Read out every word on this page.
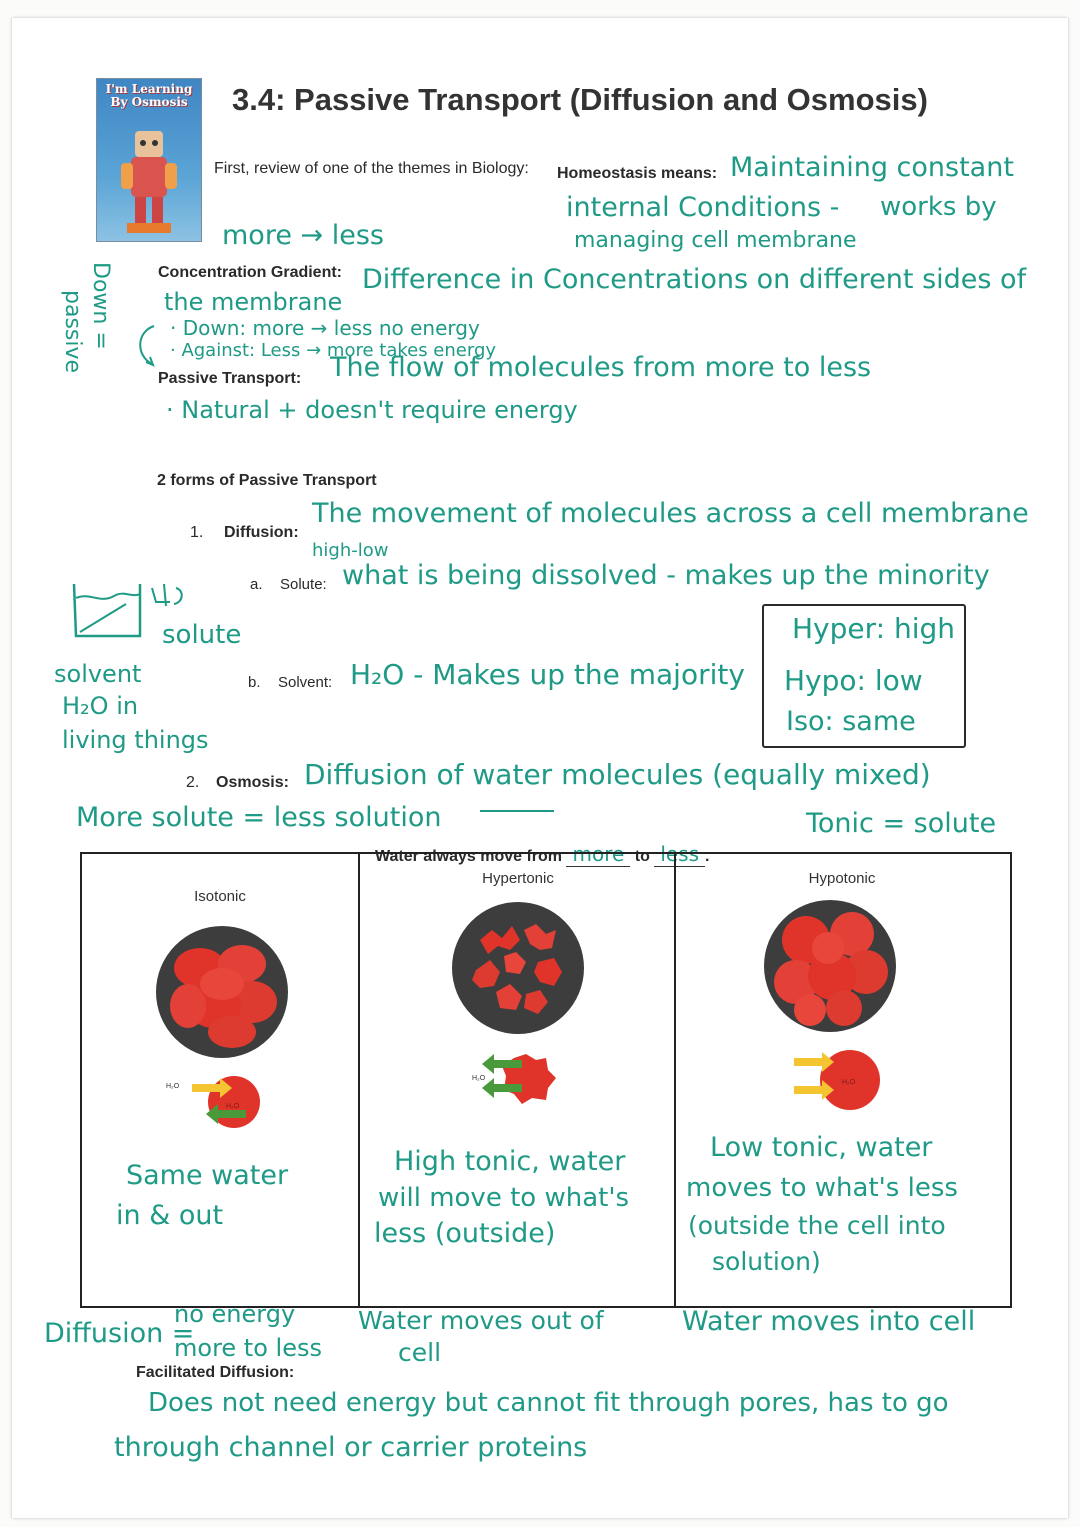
I'm Learning By Osmosis 3.4: Passive Transport (Diffusion and Osmosis)
First, review of one of the themes in Biology: Homeostasis means: Maintaining constant
internal Conditions - works by
managing cell membrane
more → less
Down =
passive
Concentration Gradient: Difference in Concentrations on different sides of
the membrane
· Down: more → less no energy
· Against: Less → more takes energy
Passive Transport: The flow of molecules from more to less
· Natural + doesn't require energy
2 forms of Passive Transport
1. Diffusion:
The movement of molecules across a cell membrane
high-low
a. Solute: what is being dissolved - makes up the minority
solute
solvent
H₂O in
living things
b. Solvent: H₂O - Makes up the majority
Hyper: high
Hypo: low
Iso: same
2. Osmosis: Diffusion of water molecules (equally mixed)
More solute = less solution	Tonic = solute
Water always move from more to less .
Isotonic
H₂O
H₂O
Same water
in & out
Hypertonic
H₂O
High tonic, water
will move to what's
less (outside)
Hypotonic
H₂O
Low tonic, water
moves to what's less
(outside the cell into
solution)
Diffusion =
no energy
more to less
Water moves out of
cell
Water moves into cell
Facilitated Diffusion:
Does not need energy but cannot fit through pores, has to go
through channel or carrier proteins
